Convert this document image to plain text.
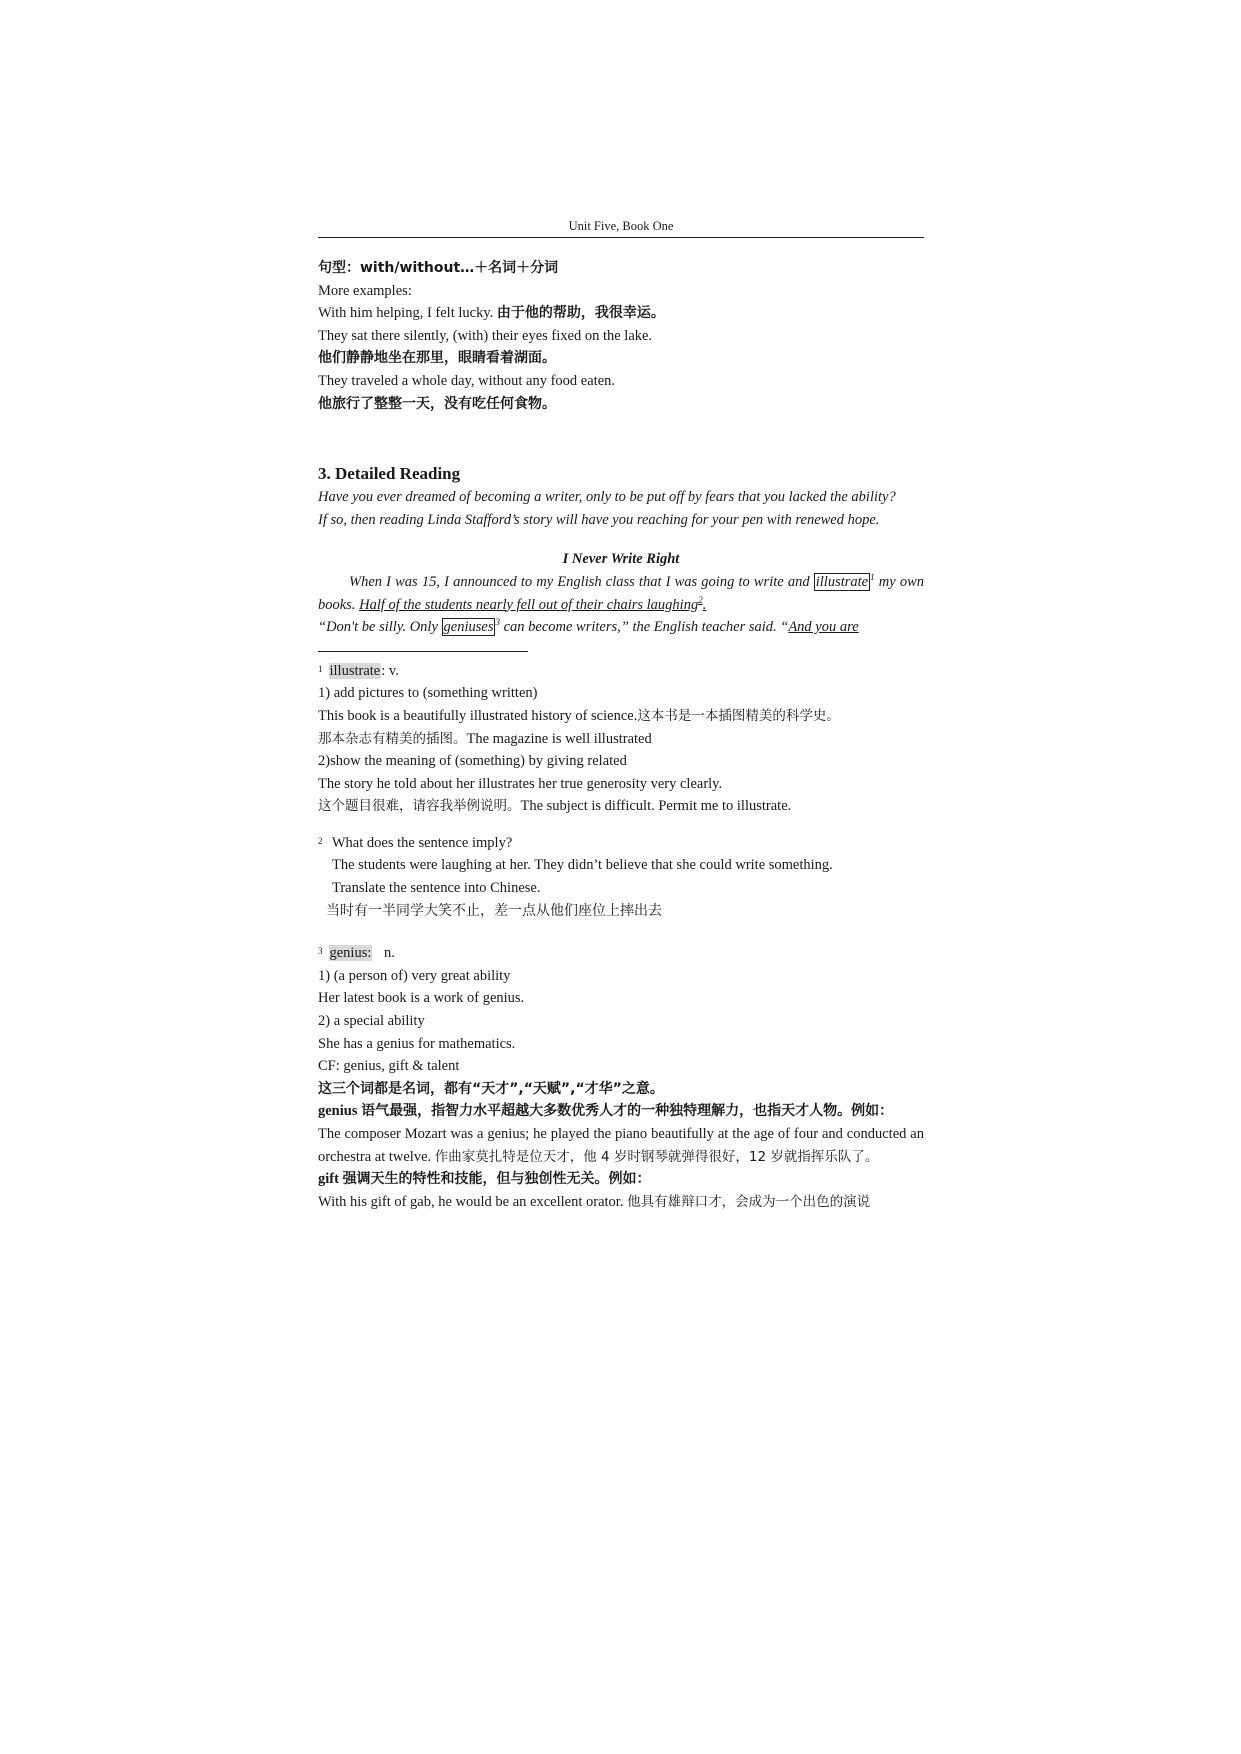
Unit Five, Book One
句型：with/without…＋名词＋分词
More examples:
With him helping, I felt lucky. 由于他的帮助，我很幸运。
They sat there silently, (with) their eyes fixed on the lake.
他们静静地坐在那里，眼睛看着湖面。
They traveled a whole day, without any food eaten.
他旅行了整整一天，没有吃任何食物。
3. Detailed Reading
Have you ever dreamed of becoming a writer, only to be put off by fears that you lacked the ability?
If so, then reading Linda Stafford’s story will have you reaching for your pen with renewed hope.
I Never Write Right
When I was 15, I announced to my English class that I was going to write and illustrate $^1$ my own books. Half of the students nearly fell out of their chairs laughing$^2$.
“Don't be silly. Only geniuses $^3$ can become writers,” the English teacher said. “And you are
$^1$ illustrate: v.
1) add pictures to (something written)
This book is a beautifully illustrated history of science.这本书是一本插图精美的科学史。
那本杂志有精美的插图。The magazine is well illustrated
2)show the meaning of (something) by giving related
The story he told about her illustrates her true generosity very clearly.
这个题目很难，请容我举例说明。The subject is difficult. Permit me to illustrate.
$^2$ What does the sentence imply?
The students were laughing at her. They didn’t believe that she could write something.
Translate the sentence into Chinese.
当时有一半同学大笑不止，差一点从他们座位上摔出去
$^3$ genius: n.
1) (a person of) very great ability
Her latest book is a work of genius.
2) a special ability
She has a genius for mathematics.
CF: genius, gift & talent
这三个词都是名词，都有“天才”,“天赋”,“才华”之意。
genius 语气最强，指智力水平超越大多数优秀人才的一种独特理解力，也指天才人物。例如：
The composer Mozart was a genius; he played the piano beautifully at the age of four and conducted an orchestra at twelve. 作曲家莫扎特是位天才，他 4 岁时钢琴就弹得很好，12 岁就指挥乐队了。
gift 强调天生的特性和技能，但与独创性无关。例如：
With his gift of gab, he would be an excellent orator. 他具有雄辩口才，会成为一个出色的演说
